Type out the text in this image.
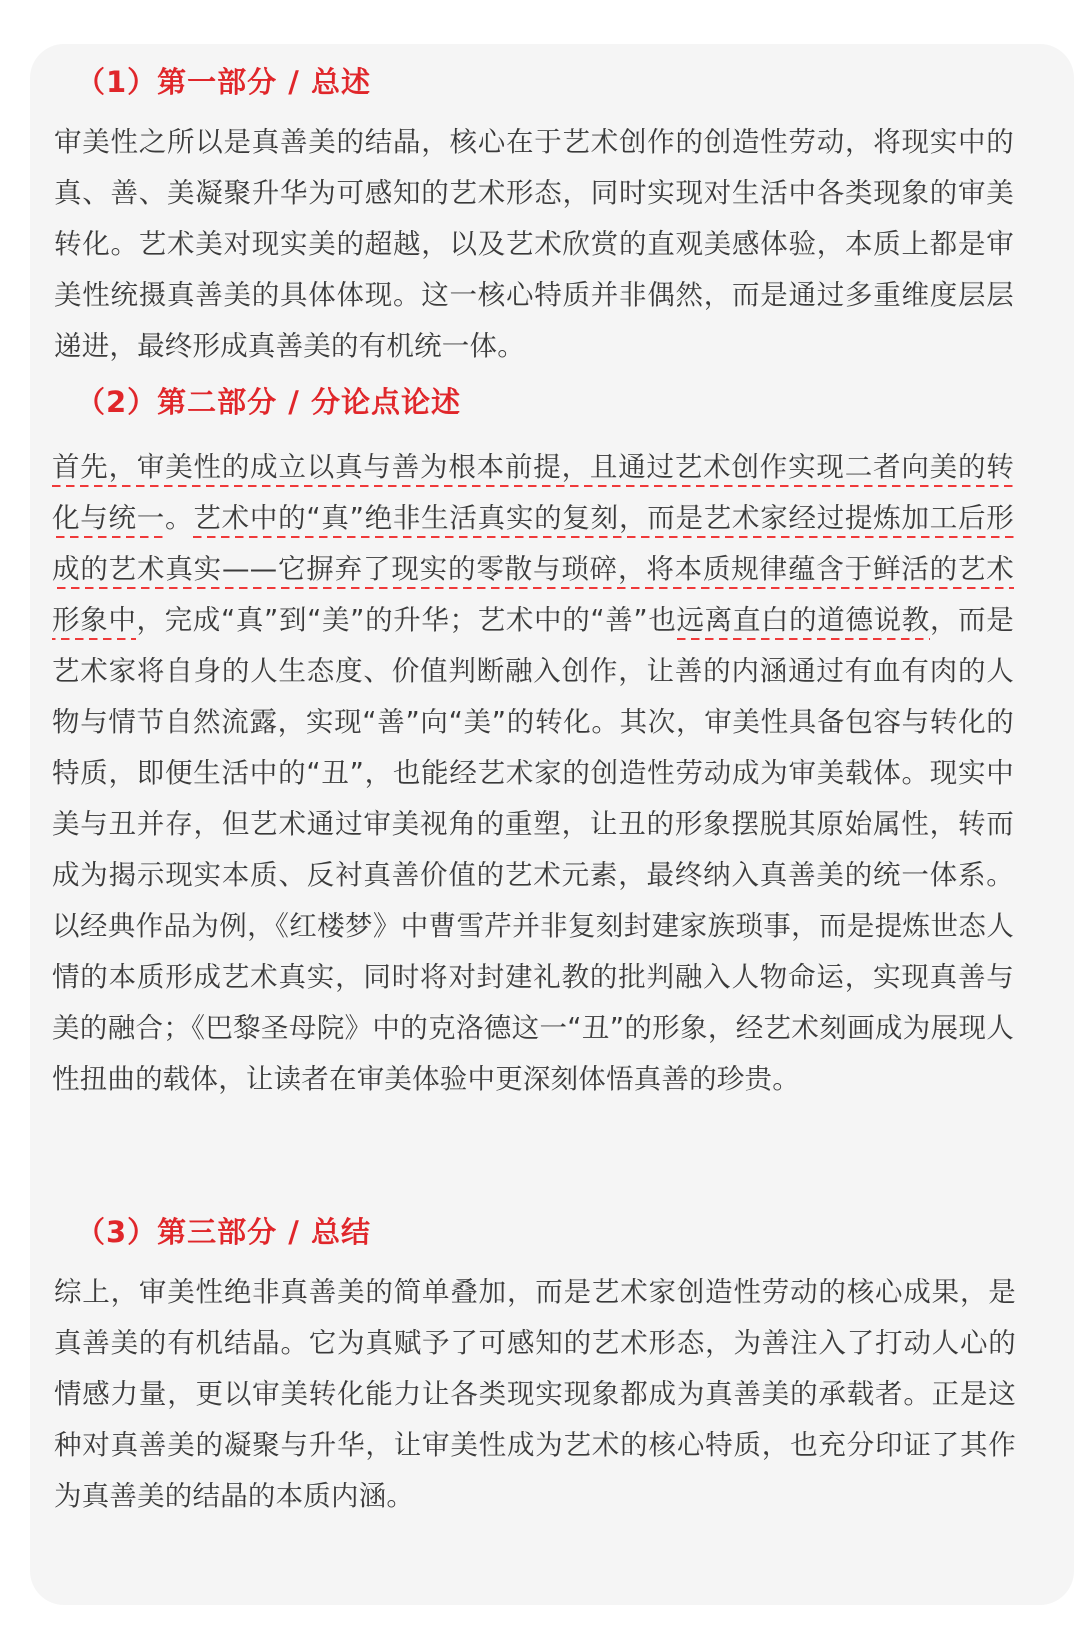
（1）第一部分 / 总述
审美性之所以是真善美的结晶，核心在于艺术创作的创造性劳动，将现实中的真、善、美凝聚升华为可感知的艺术形态，同时实现对生活中各类现象的审美转化。艺术美对现实美的超越，以及艺术欣赏的直观美感体验，本质上都是审美性统摄真善美的具体体现。这一核心特质并非偶然，而是通过多重维度层层递进，最终形成真善美的有机统一体。
（2）第二部分 / 分论点论述
首先，审美性的成立以真与善为根本前提，且通过艺术创作实现二者向美的转化与统一。艺术中的“真”绝非生活真实的复刻，而是艺术家经过提炼加工后形成的艺术真实——它摒弃了现实的零散与琐碎，将本质规律蕴含于鲜活的艺术形象中，完成“真”到“美”的升华；艺术中的“善”也远离直白的道德说教，而是艺术家将自身的人生态度、价值判断融入创作，让善的内涵通过有血有肉的人物与情节自然流露，实现“善”向“美”的转化。其次，审美性具备包容与转化的特质，即便生活中的“丑”，也能经艺术家的创造性劳动成为审美载体。现实中美与丑并存，但艺术通过审美视角的重塑，让丑的形象摆脱其原始属性，转而成为揭示现实本质、反衬真善价值的艺术元素，最终纳入真善美的统一体系。以经典作品为例，《红楼梦》中曹雪芹并非复刻封建家族琐事，而是提炼世态人情的本质形成艺术真实，同时将对封建礼教的批判融入人物命运，实现真善与美的融合；《巴黎圣母院》中的克洛德这一“丑”的形象，经艺术刻画成为展现人性扭曲的载体，让读者在审美体验中更深刻体悟真善的珍贵。
（3）第三部分 / 总结
综上，审美性绝非真善美的简单叠加，而是艺术家创造性劳动的核心成果，是真善美的有机结晶。它为真赋予了可感知的艺术形态，为善注入了打动人心的情感力量，更以审美转化能力让各类现实现象都成为真善美的承载者。正是这种对真善美的凝聚与升华，让审美性成为艺术的核心特质，也充分印证了其作为真善美的结晶的本质内涵。
